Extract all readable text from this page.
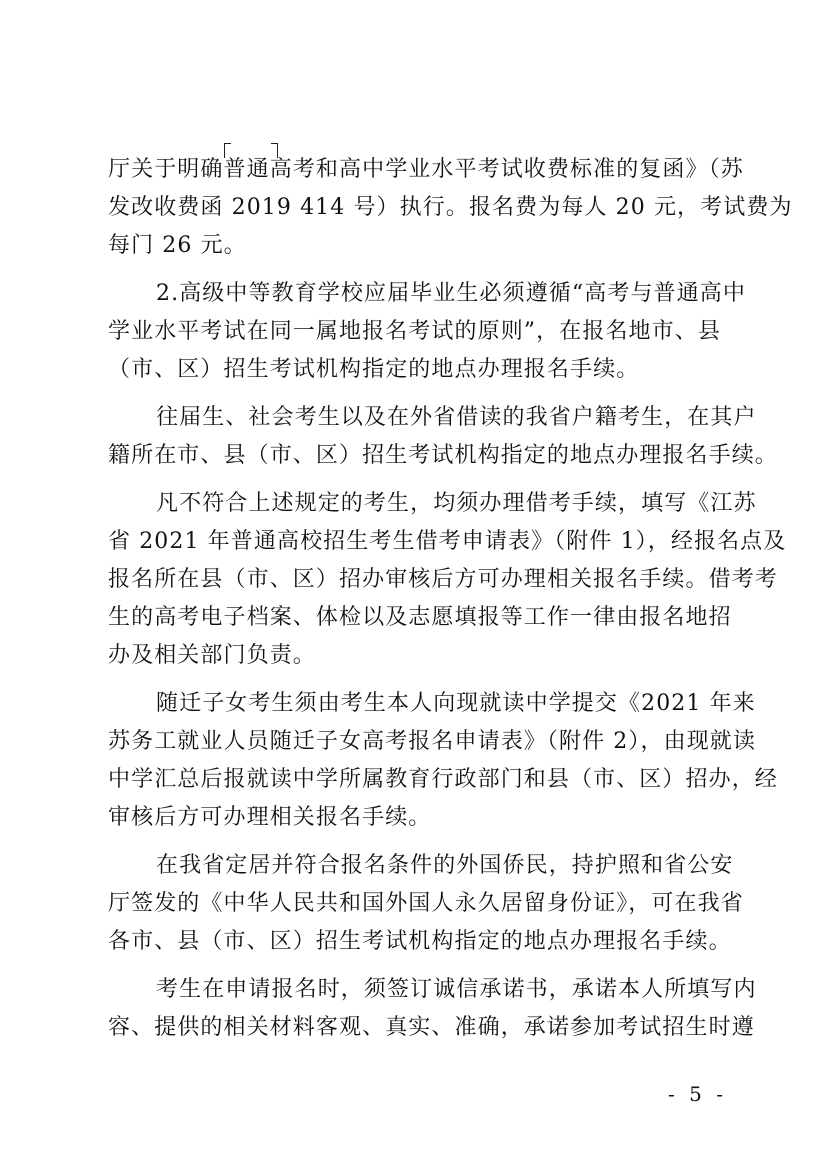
厅关于明确普通高考和高中学业水平考试收费标准的复函》（苏
发改收费函 2019 414 号）执行。报名费为每人 20 元，考试费为
每门 26 元。
2.高级中等教育学校应届毕业生必须遵循“高考与普通高中
学业水平考试在同一属地报名考试的原则”，在报名地市、县
（市、区）招生考试机构指定的地点办理报名手续。
往届生、社会考生以及在外省借读的我省户籍考生，在其户
籍所在市、县（市、区）招生考试机构指定的地点办理报名手续。
凡不符合上述规定的考生，均须办理借考手续，填写《江苏
省 2021 年普通高校招生考生借考申请表》（附件 1），经报名点及
报名所在县（市、区）招办审核后方可办理相关报名手续。借考考
生的高考电子档案、体检以及志愿填报等工作一律由报名地招
办及相关部门负责。
随迁子女考生须由考生本人向现就读中学提交《2021 年来
苏务工就业人员随迁子女高考报名申请表》（附件 2），由现就读
中学汇总后报就读中学所属教育行政部门和县（市、区）招办，经
审核后方可办理相关报名手续。
在我省定居并符合报名条件的外国侨民，持护照和省公安
厅签发的《中华人民共和国外国人永久居留身份证》，可在我省
各市、县（市、区）招生考试机构指定的地点办理报名手续。
考生在申请报名时，须签订诚信承诺书，承诺本人所填写内
容、提供的相关材料客观、真实、准确，承诺参加考试招生时遵
- 5 -
